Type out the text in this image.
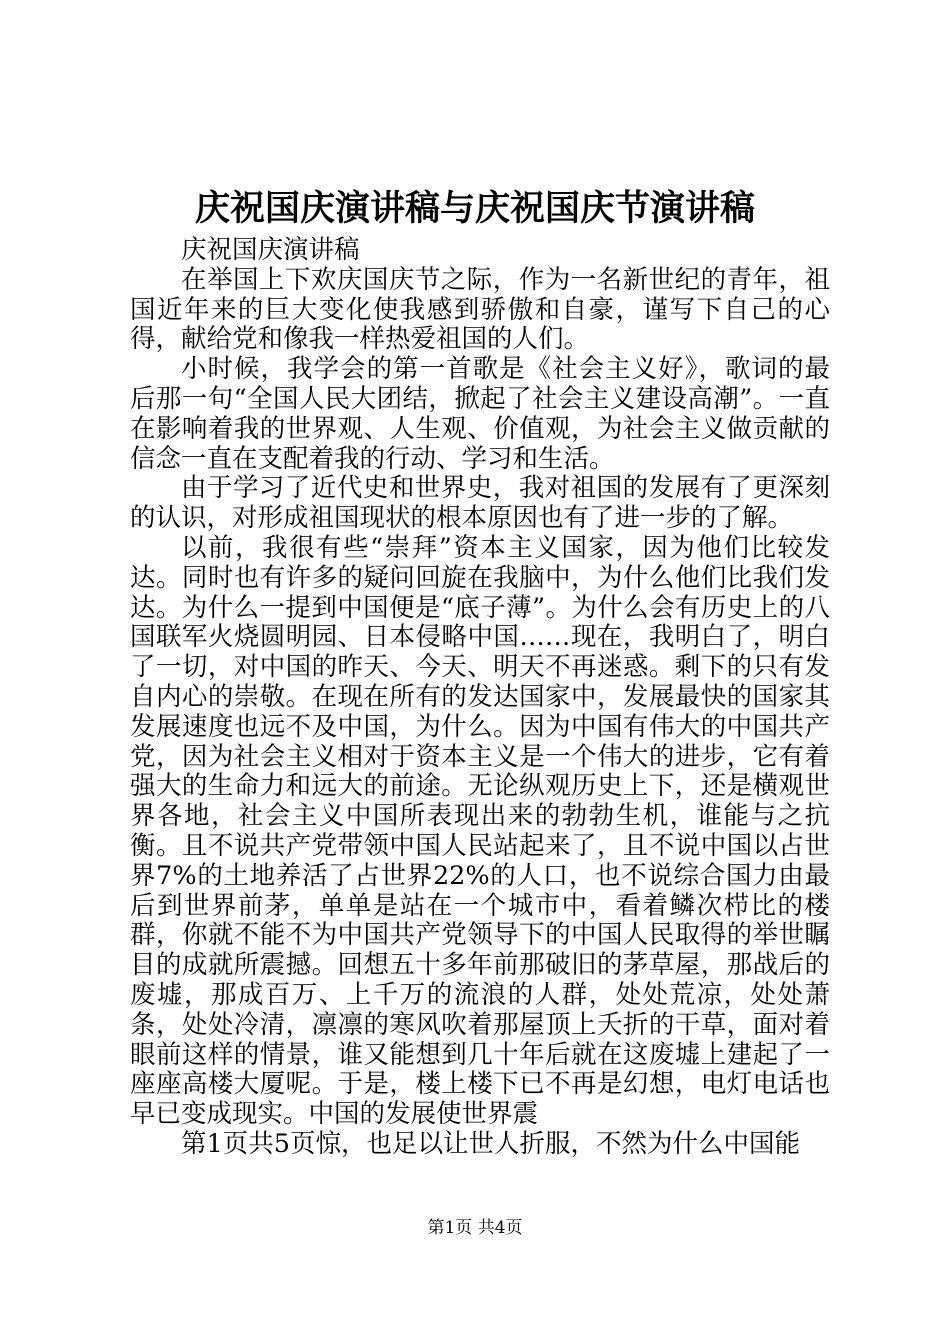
庆祝国庆演讲稿与庆祝国庆节演讲稿

庆祝国庆演讲稿

在举国上下欢庆国庆节之际，作为一名新世纪的青年，祖国近年来的巨大变化使我感到骄傲和自豪，谨写下自己的心得，献给党和像我一样热爱祖国的人们。

小时候，我学会的第一首歌是《社会主义好》，歌词的最后那一句“全国人民大团结，掀起了社会主义建设高潮”。一直在影响着我的世界观、人生观、价值观，为社会主义做贡献的信念一直在支配着我的行动、学习和生活。

由于学习了近代史和世界史，我对祖国的发展有了更深刻的认识，对形成祖国现状的根本原因也有了进一步的了解。

以前，我很有些“崇拜”资本主义国家，因为他们比较发达。同时也有许多的疑问回旋在我脑中，为什么他们比我们发达。为什么一提到中国便是“底子薄”。为什么会有历史上的八国联军火烧圆明园、日本侵略中国……现在，我明白了，明白了一切，对中国的昨天、今天、明天不再迷惑。剩下的只有发自内心的崇敬。在现在所有的发达国家中，发展最快的国家其发展速度也远不及中国，为什么。因为中国有伟大的中国共产党，因为社会主义相对于资本主义是一个伟大的进步，它有着强大的生命力和远大的前途。无论纵观历史上下，还是横观世界各地，社会主义中国所表现出来的勃勃生机，谁能与之抗衡。且不说共产党带领中国人民站起来了，且不说中国以占世界7%的土地养活了占世界22%的人口，也不说综合国力由最后到世界前茅，单单是站在一个城市中，看着鳞次栉比的楼群，你就不能不为中国共产党领导下的中国人民取得的举世瞩目的成就所震撼。回想五十多年前那破旧的茅草屋，那战后的废墟，那成百万、上千万的流浪的人群，处处荒凉，处处萧条，处处冷清，凛凛的寒风吹着那屋顶上夭折的干草，面对着眼前这样的情景，谁又能想到几十年后就在这废墟上建起了一座座高楼大厦呢。于是，楼上楼下已不再是幻想，电灯电话也早已变成现实。中国的发展使世界震

第1页共5页惊，也足以让世人折服，不然为什么中国能

第1页 共4页
